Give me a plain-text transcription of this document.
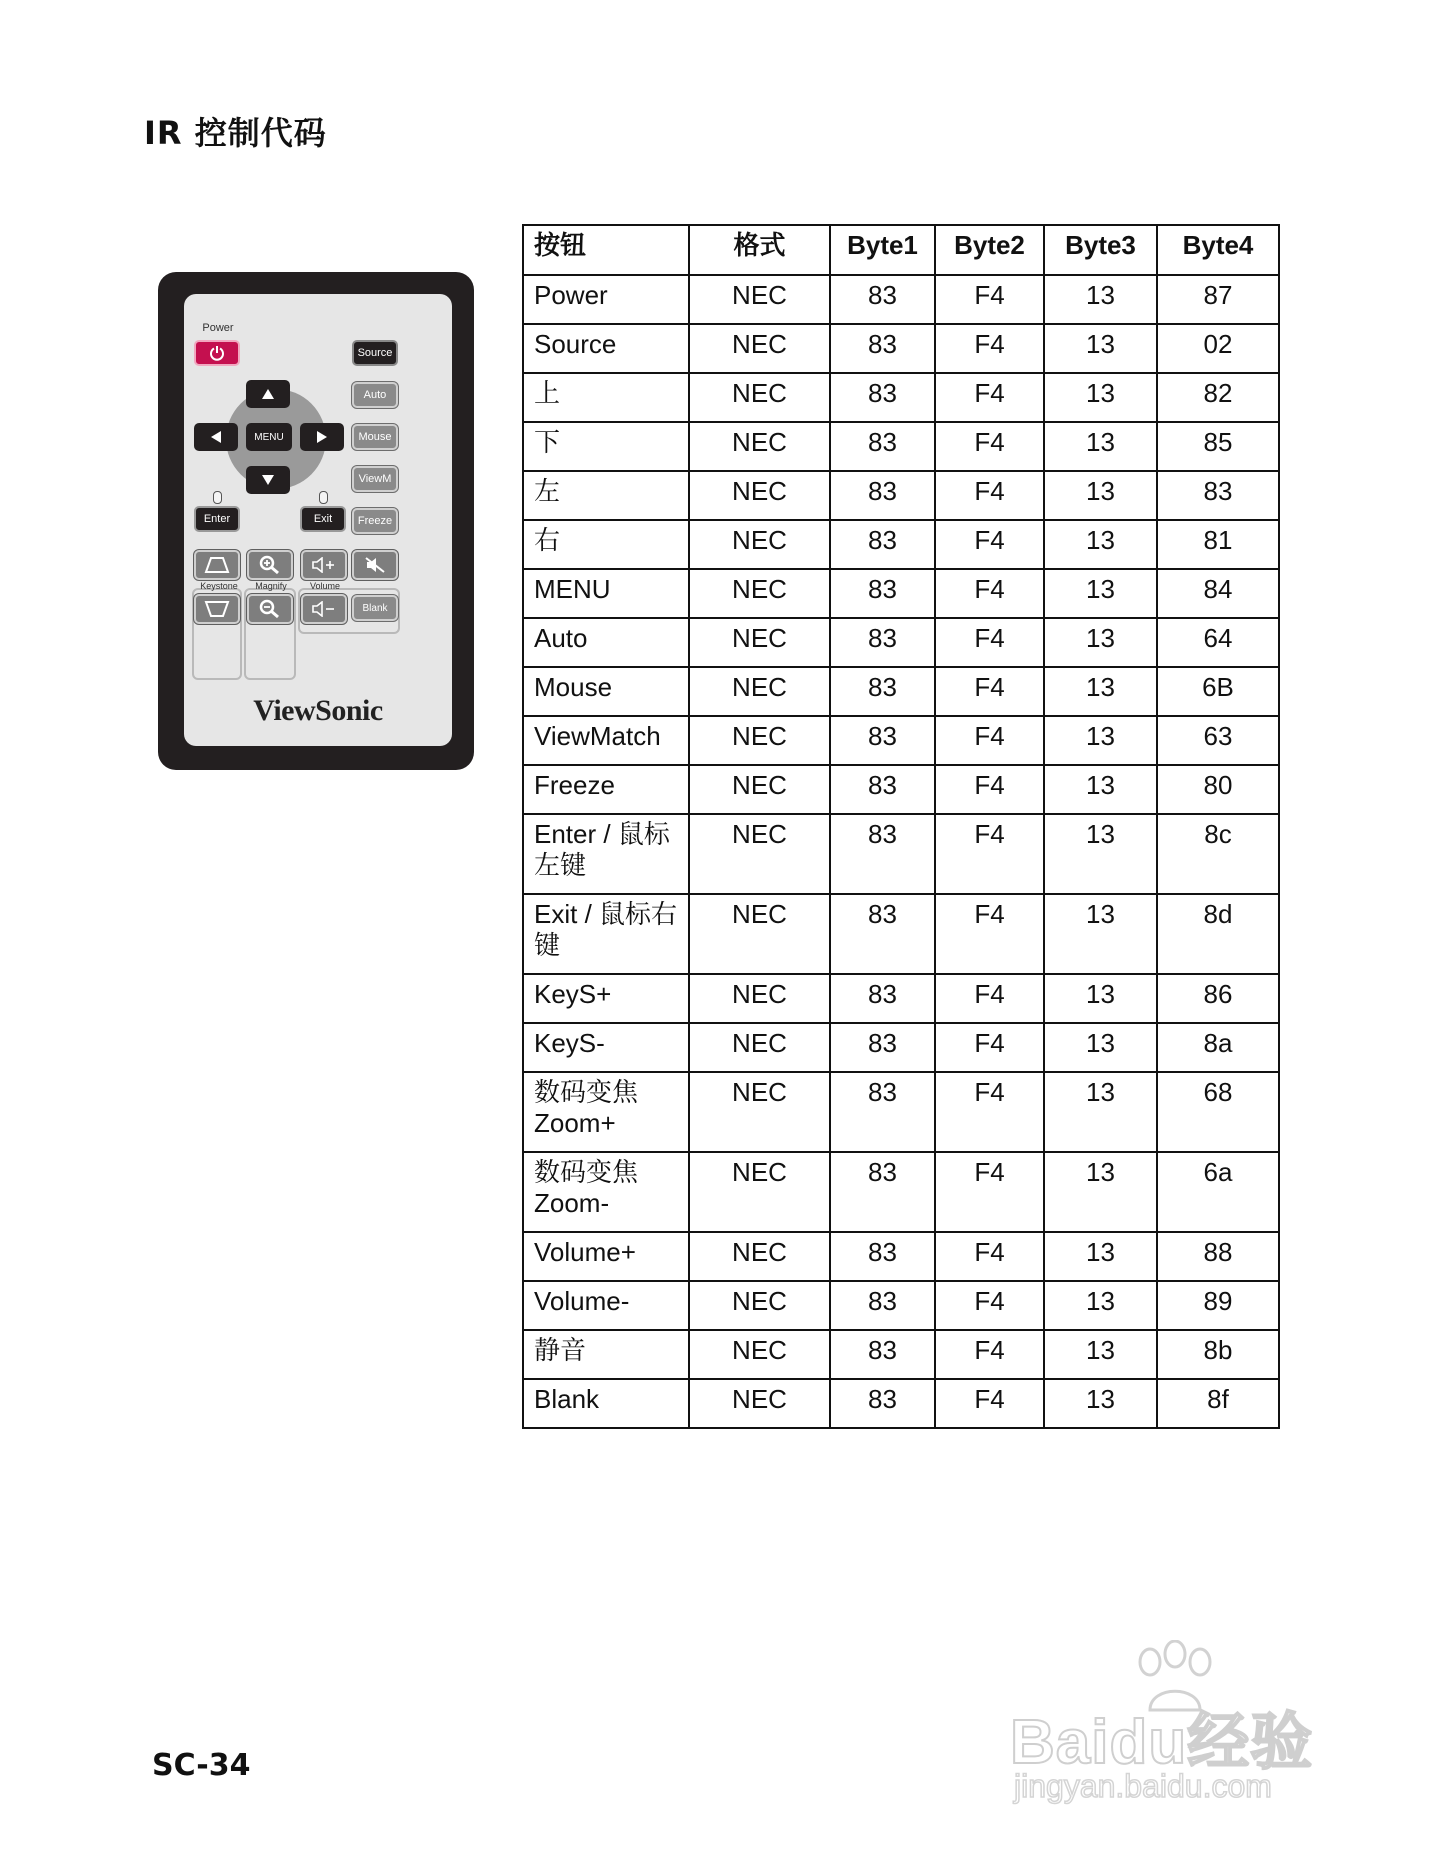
IR 控制代码
Power
Source
Auto
Mouse
ViewM
Freeze
MENU
Enter	Exit
Keystone	Magnify	Volume
Blank
ViewSonic
按钮	格式	Byte1	Byte2	Byte3	Byte4
Power	NEC	83	F4	13	87
Source	NEC	83	F4	13	02
上	NEC	83	F4	13	82
下	NEC	83	F4	13	85
左	NEC	83	F4	13	83
右	NEC	83	F4	13	81
MENU	NEC	83	F4	13	84
Auto	NEC	83	F4	13	64
Mouse	NEC	83	F4	13	6B
ViewMatch	NEC	83	F4	13	63
Freeze	NEC	83	F4	13	80
Enter / 鼠标左键	NEC	83	F4	13	8c
Exit / 鼠标右键	NEC	83	F4	13	8d
KeyS+	NEC	83	F4	13	86
KeyS-	NEC	83	F4	13	8a
数码变焦 Zoom+	NEC	83	F4	13	68
数码变焦 Zoom-	NEC	83	F4	13	6a
Volume+	NEC	83	F4	13	88
Volume-	NEC	83	F4	13	89
静音	NEC	83	F4	13	8b
Blank	NEC	83	F4	13	8f
SC-34	Baidu经验
jingyan.baidu.com
